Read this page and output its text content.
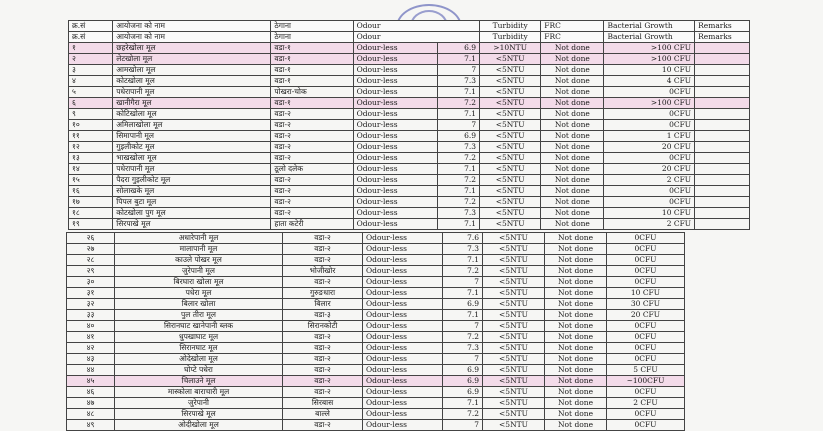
क्र.सं	आयोजना को नाम	ठेगाना	Odour		Turbidity	FRC	Bacterial Growth	Remarks
क्र.सं	आयोजना को नाम	ठेगाना	Odour		Turbidity	FRC	Bacterial Growth	Remarks
१	छहरेखोला मूल	वडा-१	Odour-less	6.9	>10NTU	Not done	>100 CFU	
२	लेटखोला मूल	वडा-१	Odour-less	7.1	<5NTU	Not done	>100 CFU	
३	आमखोला मूल	वडा-१	Odour-less	7	<5NTU	Not done	10 CFU	
४	कोटखोला मूल	वडा-१	Odour-less	7.3	<5NTU	Not done	4 CFU	
५	पधेरापानी मूल	पोखरा-चोक	Odour-less	7.1	<5NTU	Not done	0CFU	
६	खानीगैरा मूल	वडा-१	Odour-less	7.2	<5NTU	Not done	>100 CFU	
९	कोटिखोला मूल	वडा-२	Odour-less	7.1	<5NTU	Not done	0CFU	
१०	अमिलाखोला मूल	वडा-२	Odour-less	7	<5NTU	Not done	0CFU	
११	सिमापानी मूल	वडा-२	Odour-less	6.9	<5NTU	Not done	1 CFU	
१२	गुइलीकोट मूल	वडा-२	Odour-less	7.3	<5NTU	Not done	20 CFU	
१३	भाखखोला मूल	वडा-२	Odour-less	7.2	<5NTU	Not done	0CFU	
१४	पधेरापानी मूल	ठूलो दलेक	Odour-less	7.1	<5NTU	Not done	20 CFU	
१५	पैदरा गुइलीकोट मूल	वडा-२	Odour-less	7.2	<5NTU	Not done	2 CFU	
१६	सोलाखके मूल	वडा-२	Odour-less	7.1	<5NTU	Not done	0CFU	
१७	पिपल बुटा मूल	वडा-२	Odour-less	7.2	<5NTU	Not done	0CFU	
१८	कोटखोला पुग मूल	वडा-२	Odour-less	7.3	<5NTU	Not done	10 CFU	
१९	सिरपाखे मूल	हाता कटेरी	Odour-less	7.1	<5NTU	Not done	2 CFU	
२६	अधारेपानी मूल	वडा-२	Odour-less	7.6	<5NTU	Not done	0CFU
२७	मालापानी मूल	वडा-२	Odour-less	7.3	<5NTU	Not done	0CFU
२८	काउले पोखर मूल	वडा-२	Odour-less	7.1	<5NTU	Not done	0CFU
२९	जुरेपानी मूल	भोजीखोर	Odour-less	7.2	<5NTU	Not done	0CFU
३०	बिरघारा खोला मूल	वडा-२	Odour-less	7	<5NTU	Not done	0CFU
३१	पधेरा मूल	गुरुङधारा	Odour-less	7.1	<5NTU	Not done	10 CFU
३२	बिलार खोला	बिलार	Odour-less	6.9	<5NTU	Not done	30 CFU
३३	पुल तीरा मूल	वडा-३	Odour-less	7.1	<5NTU	Not done	20 CFU
४०	सिरानघाट खानेपानी ब्लक	सिरानकोटी	Odour-less	7	<5NTU	Not done	0CFU
४१	धुपखाघाट मूल	वडा-२	Odour-less	7.2	<5NTU	Not done	0CFU
४२	सिरानघाट मूल	वडा-२	Odour-less	7.3	<5NTU	Not done	0CFU
४३	ओदेखोला मूल	वडा-२	Odour-less	7	<5NTU	Not done	0CFU
४४	घोप्टे पधेरा	वडा-२	Odour-less	6.9	<5NTU	Not done	5 CFU
४५	चिलाउने मूल	वडा-२	Odour-less	6.9	<5NTU	Not done	~100CFU
४६	मास्कोला बाराचारी मूल	वडा-२	Odour-less	6.9	<5NTU	Not done	0CFU
४७	जुरेपानी	सिरबास	Odour-less	7.1	<5NTU	Not done	2 CFU
४८	सिरपाखे मूल	बाल्ले	Odour-less	7.2	<5NTU	Not done	0CFU
४९	ओदीखोला मूल	वडा-२	Odour-less	7	<5NTU	Not done	0CFU
